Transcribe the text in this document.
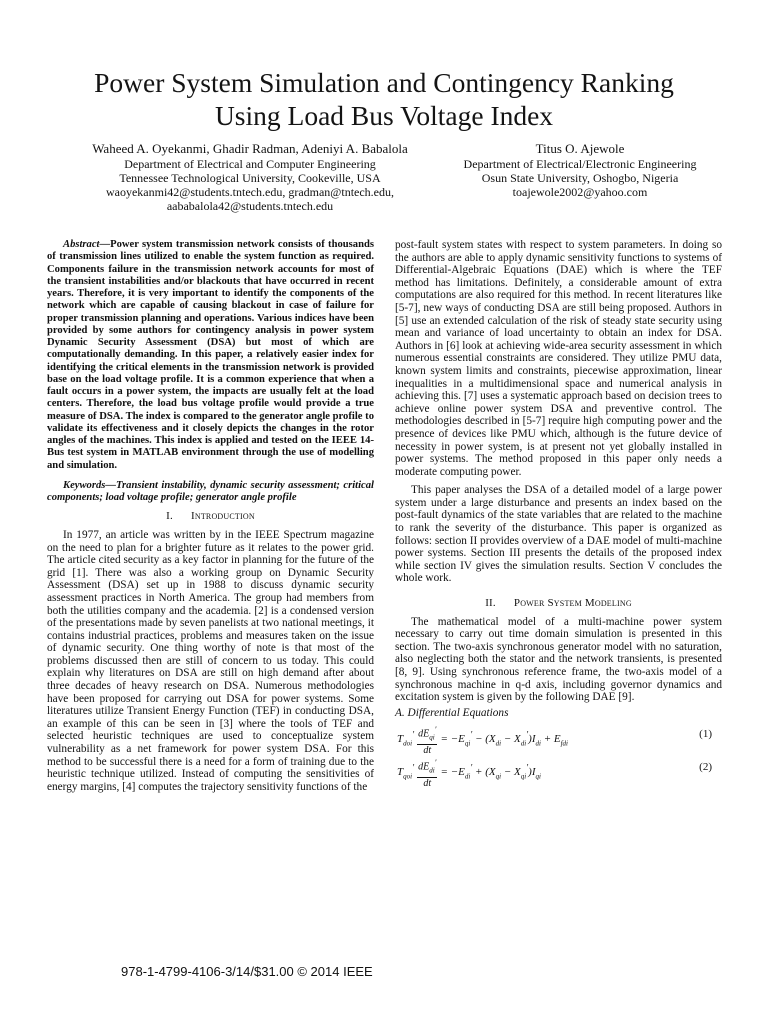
Power System Simulation and Contingency Ranking
Using Load Bus Voltage Index
Waheed A. Oyekanmi, Ghadir Radman, Adeniyi A. Babalola
Department of Electrical and Computer Engineering
Tennessee Technological University, Cookeville, USA
waoyekanmi42@students.tntech.edu, gradman@tntech.edu,
aababalola42@students.tntech.edu
Titus O. Ajewole
Department of Electrical/Electronic Engineering
Osun State University, Oshogbo, Nigeria
toajewole2002@yahoo.com

Abstract—Power system transmission network consists of thousands of transmission lines utilized to enable the system function as required. Components failure in the transmission network accounts for most of the transient instabilities and/or blackouts that have occurred in recent years. Therefore, it is very important to identify the components of the network which are capable of causing blackout in case of failure for proper transmission planning and operations. Various indices have been provided by some authors for contingency analysis in power system Dynamic Security Assessment (DSA) but most of which are computationally demanding. In this paper, a relatively easier index for identifying the critical elements in the transmission network is provided base on the load voltage profile. It is a common experience that when a fault occurs in a power system, the impacts are usually felt at the load centers. Therefore, the load bus voltage profile would provide a true measure of DSA. The index is compared to the generator angle profile to validate its effectiveness and it closely depicts the changes in the rotor angles of the machines. This index is applied and tested on the IEEE 14-Bus test system in MATLAB environment through the use of modelling and simulation.

Keywords—Transient instability, dynamic security assessment; critical components; load voltage profile; generator angle profile

I. Introduction

In 1977, an article was written by in the IEEE Spectrum magazine on the need to plan for a brighter future as it relates to the power grid. The article cited security as a key factor in planning for the future of the grid [1]. There was also a working group on Dynamic Security Assessment (DSA) set up in 1988 to discuss dynamic security assessment practices in North America. The group had members from both the utilities company and the academia. [2] is a condensed version of the presentations made by seven panelists at two national meetings, it contains industrial practices, problems and measures taken on the issue of dynamic security. One thing worthy of note is that most of the problems discussed then are still of concern to us today. This could explain why literatures on DSA are still on high demand after about three decades of heavy research on DSA. Numerous methodologies have been proposed for carrying out DSA for power systems. Some literatures utilize Transient Energy Function (TEF) in conducting DSA, an example of this can be seen in [3] where the tools of TEF and selected heuristic techniques are used to conceptualize system vulnerability as a net framework for power system DSA. For this method to be successful there is a need for a form of training due to the heuristic technique utilized. Instead of computing the sensitivities of energy margins, [4] computes the trajectory sensitivity functions of the

post-fault system states with respect to system parameters. In doing so the authors are able to apply dynamic sensitivity functions to systems of Differential-Algebraic Equations (DAE) which is where the TEF method has limitations. Definitely, a considerable amount of extra computations are also required for this method. In recent literatures like [5-7], new ways of conducting DSA are still being proposed. Authors in [5] use an extended calculation of the risk of steady state security using mean and variance of load uncertainty to obtain an index for DSA. Authors in [6] look at achieving wide-area security assessment in which numerous essential constraints are considered. They utilize PMU data, known system limits and constraints, piecewise approximation, linear inequalities in a multidimensional space and numerical analysis in achieving this. [7] uses a systematic approach based on decision trees to achieve online power system DSA and preventive control. The methodologies described in [5-7] require high computing power and the presence of devices like PMU which, although is the future device of necessity in power system, is at present not yet globally installed in power systems. The method proposed in this paper only needs a moderate computing power.

This paper analyses the DSA of a detailed model of a large power system under a large disturbance and presents an index based on the post-fault dynamics of the state variables that are related to the machine to rank the severity of the disturbance. This paper is organized as follows: section II provides overview of a DAE model of multi-machine power systems. Section III presents the details of the proposed index while section IV gives the simulation results. Section V concludes the whole work.

II. Power System Modeling

The mathematical model of a multi-machine power system necessary to carry out time domain simulation is presented in this section. The two-axis synchronous generator model with no saturation, also neglecting both the stator and the network transients, is presented [8, 9]. Using synchronous reference frame, the two-axis model of a synchronous machine in q-d axis, including governor dynamics and excitation system is given by the following DAE [9].

A. Differential Equations

$T_{doi}' \frac{dE_{qi}'}{dt} = -E_{qi}' - (X_{di} - X_{di}')I_{di} + E_{fdi}$
(1)
$T_{qoi}' \frac{dE_{di}'}{dt} = -E_{di}' + (X_{qi} - X_{qi}')I_{qi}$
(2)
978-1-4799-4106-3/14/$31.00 © 2014 IEEE
